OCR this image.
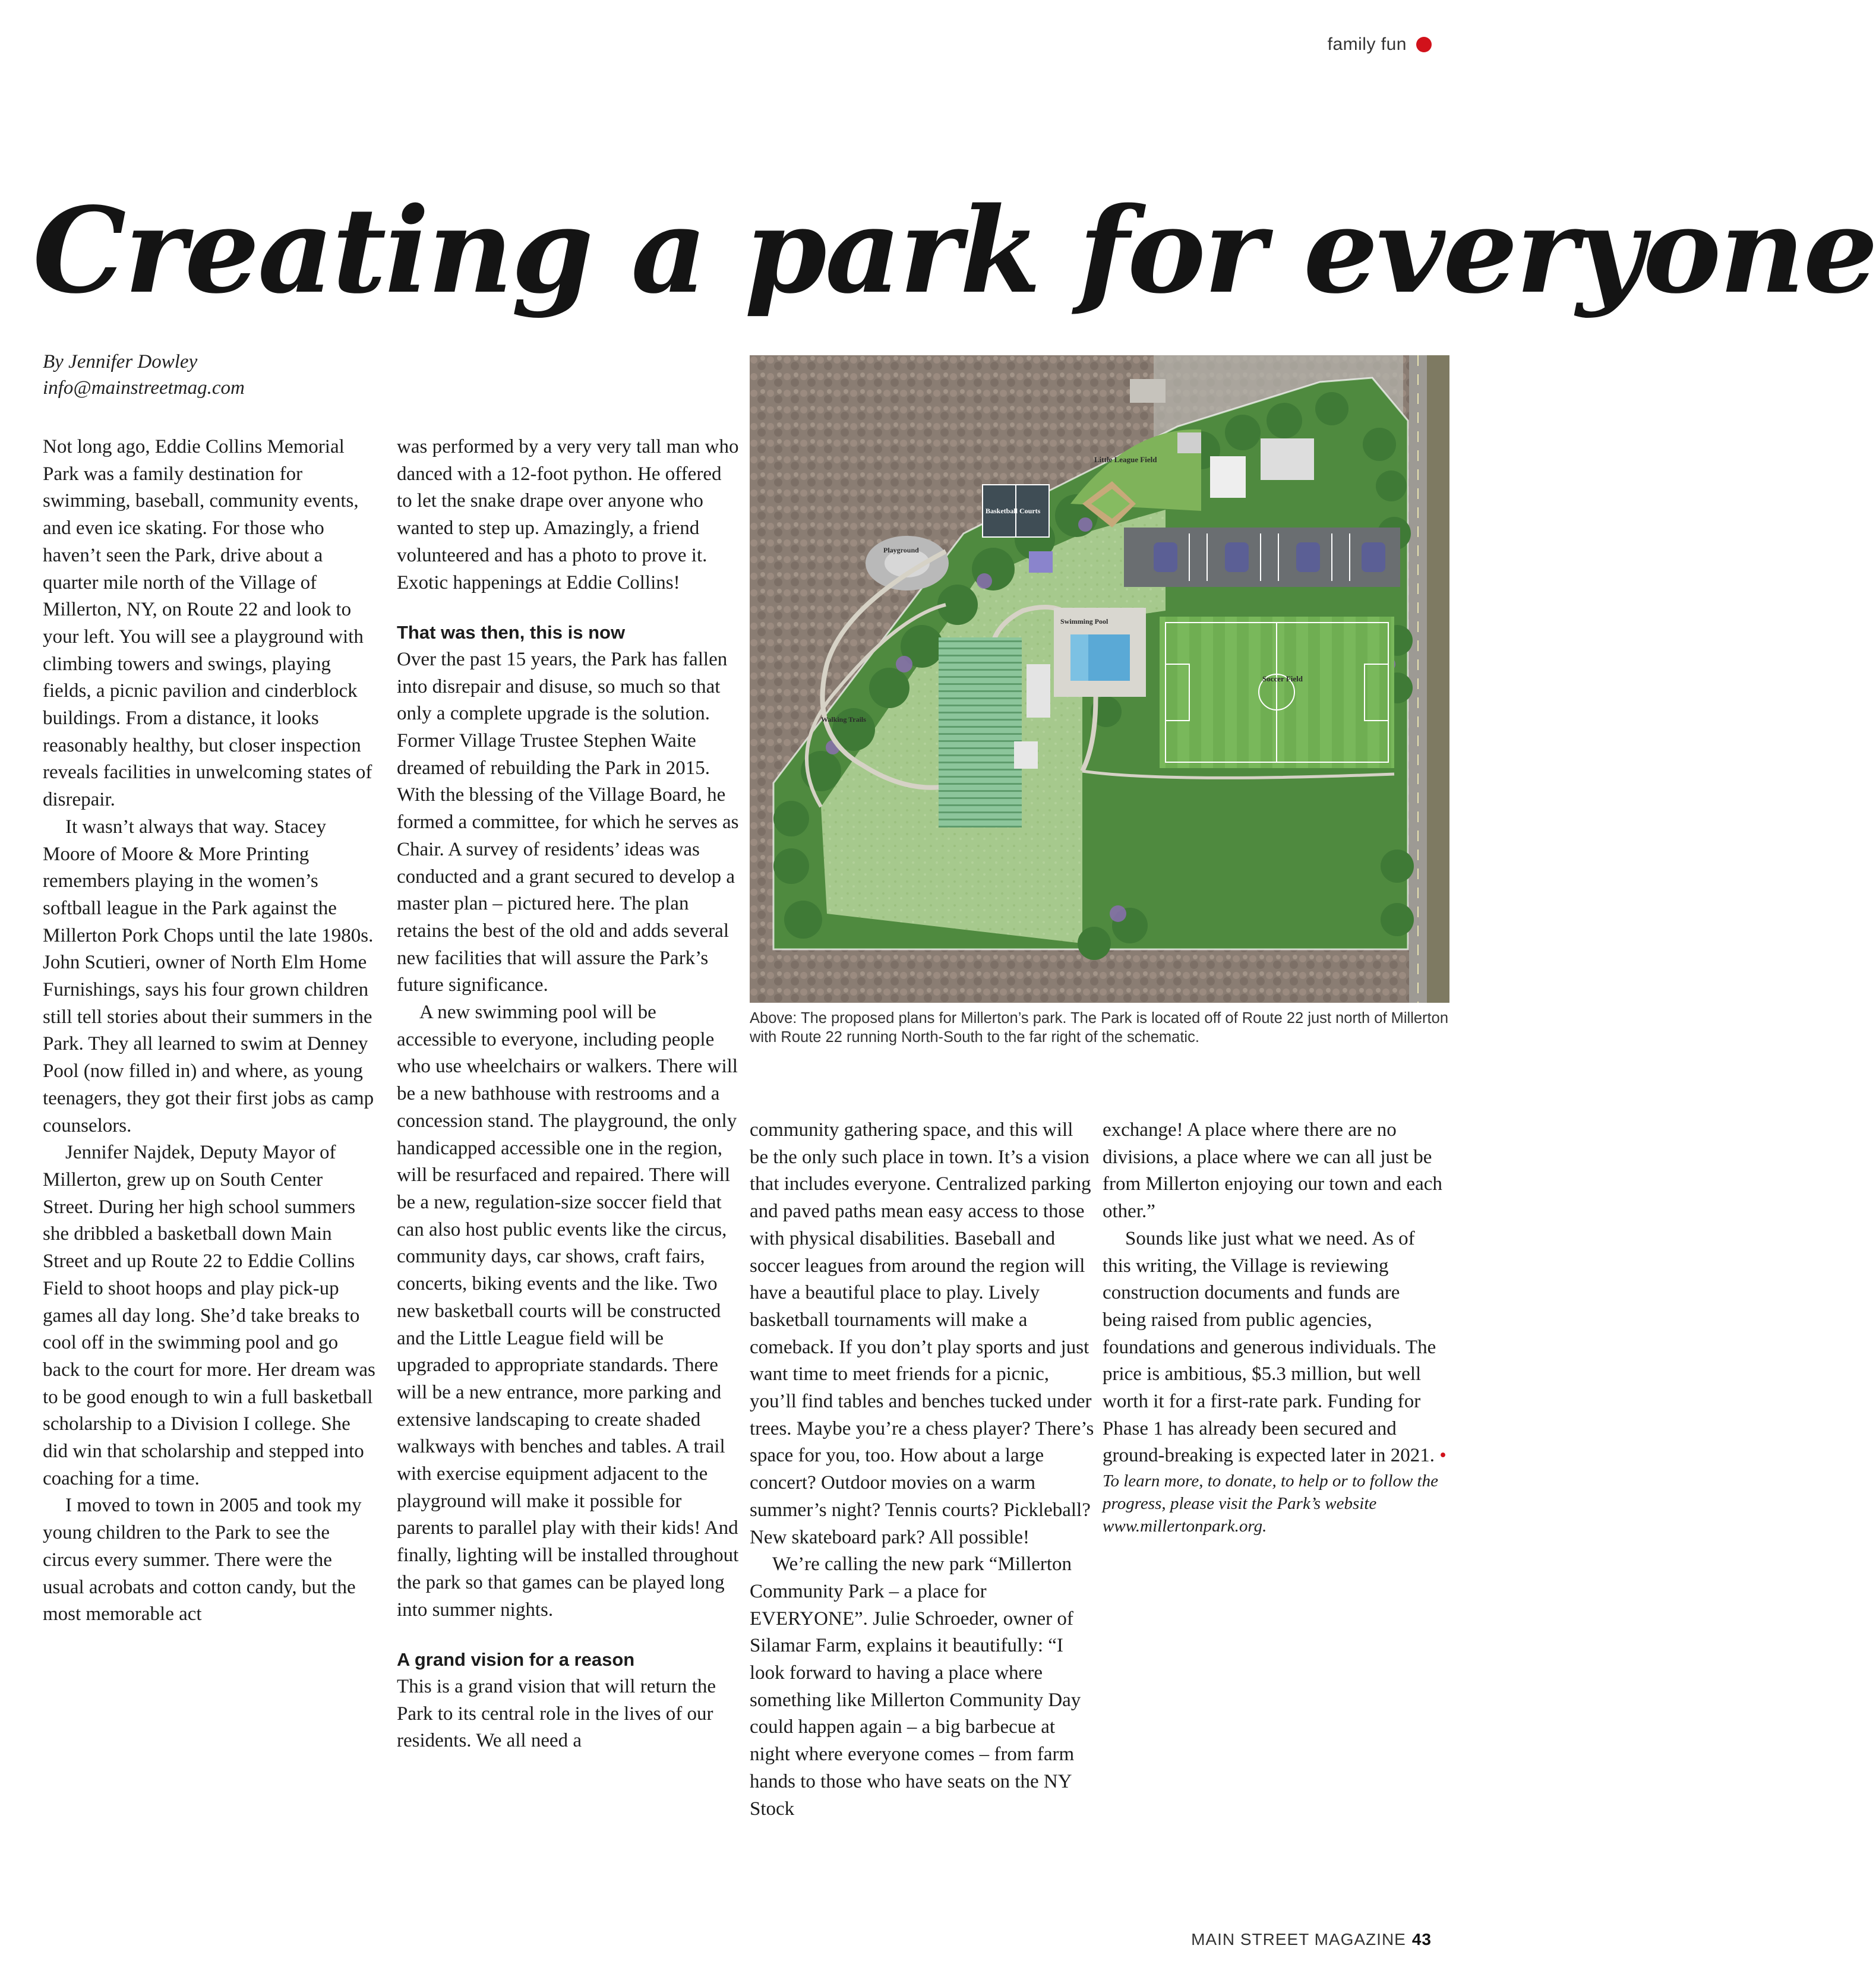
family fun
Creating a park for everyone
By Jennifer Dowley
info@mainstreetmag.com

Not long ago, Eddie Collins Memorial Park was a family destination for swimming, baseball, community events, and even ice skating. For those who haven’t seen the Park, drive about a quarter mile north of the Village of Millerton, NY, on Route 22 and look to your left. You will see a playground with climbing towers and swings, playing fields, a picnic pavilion and cinderblock buildings. From a distance, it looks reasonably healthy, but closer inspection reveals facilities in unwelcoming states of disrepair.

It wasn’t always that way. Stacey Moore of Moore & More Printing remembers playing in the women’s softball league in the Park against the Millerton Pork Chops until the late 1980s. John Scutieri, owner of North Elm Home Furnishings, says his four grown children still tell stories about their summers in the Park. They all learned to swim at Denney Pool (now filled in) and where, as young teenagers, they got their first jobs as camp counselors.

Jennifer Najdek, Deputy Mayor of Millerton, grew up on South Center Street. During her high school summers she dribbled a basketball down Main Street and up Route 22 to Eddie Collins Field to shoot hoops and play pick-up games all day long. She’d take breaks to cool off in the swimming pool and go back to the court for more. Her dream was to be good enough to win a full basketball scholarship to a Division I college. She did win that scholarship and stepped into coaching for a time.

I moved to town in 2005 and took my young children to the Park to see the circus every summer. There were the usual acrobats and cotton candy, but the most memorable act

was performed by a very very tall man who danced with a 12-foot python. He offered to let the snake drape over anyone who wanted to step up. Amazingly, a friend volunteered and has a photo to prove it. Exotic happenings at Eddie Collins!

That was then, this is now

Over the past 15 years, the Park has fallen into disrepair and disuse, so much so that only a complete upgrade is the solution. Former Village Trustee Stephen Waite dreamed of rebuilding the Park in 2015. With the blessing of the Village Board, he formed a committee, for which he serves as Chair. A survey of residents’ ideas was conducted and a grant secured to develop a master plan – pictured here. The plan retains the best of the old and adds several new facilities that will assure the Park’s future significance.

A new swimming pool will be accessible to everyone, including people who use wheelchairs or walkers. There will be a new bathhouse with restrooms and a concession stand. The playground, the only handicapped accessible one in the region, will be resurfaced and repaired. There will be a new, regulation-size soccer field that can also host public events like the circus, community days, car shows, craft fairs, concerts, biking events and the like. Two new basketball courts will be constructed and the Little League field will be upgraded to appropriate standards. There will be a new entrance, more parking and extensive landscaping to create shaded walkways with benches and tables. A trail with exercise equipment adjacent to the playground will make it possible for parents to parallel play with their kids! And finally, lighting will be installed throughout the park so that games can be played long into summer nights.

A grand vision for a reason

This is a grand vision that will return the Park to its central role in the lives of our residents. We all need a

Little League Field
Basketball Courts
Playground
Walking Trails
Swimming Pool
Soccer Field
Above: The proposed plans for Millerton’s park. The Park is located off of Route 22 just north of Millerton with Route 22 running North-South to the far right of the schematic.

community gathering space, and this will be the only such place in town. It’s a vision that includes everyone. Centralized parking and paved paths mean easy access to those with physical disabilities. Baseball and soccer leagues from around the region will have a beautiful place to play. Lively basketball tournaments will make a comeback. If you don’t play sports and just want time to meet friends for a picnic, you’ll find tables and benches tucked under trees. Maybe you’re a chess player? There’s space for you, too. How about a large concert? Outdoor movies on a warm summer’s night? Tennis courts? Pickleball? New skateboard park? All possible!

We’re calling the new park “Millerton Community Park – a place for EVERYONE”. Julie Schroeder, owner of Silamar Farm, explains it beautifully: “I look forward to having a place where something like Millerton Community Day could happen again – a big barbecue at night where everyone comes – from farm hands to those who have seats on the NY Stock

exchange! A place where there are no divisions, a place where we can all just be from Millerton enjoying our town and each other.”

Sounds like just what we need. As of this writing, the Village is reviewing construction documents and funds are being raised from public agencies, foundations and generous individuals. The price is ambitious, $5.3 million, but well worth it for a first-rate park. Funding for Phase 1 has already been secured and ground-breaking is expected later in 2021. •

To learn more, to donate, to help or to follow the progress, please visit the Park’s website www.millertonpark.org.

MAIN STREET MAGAZINE 43
